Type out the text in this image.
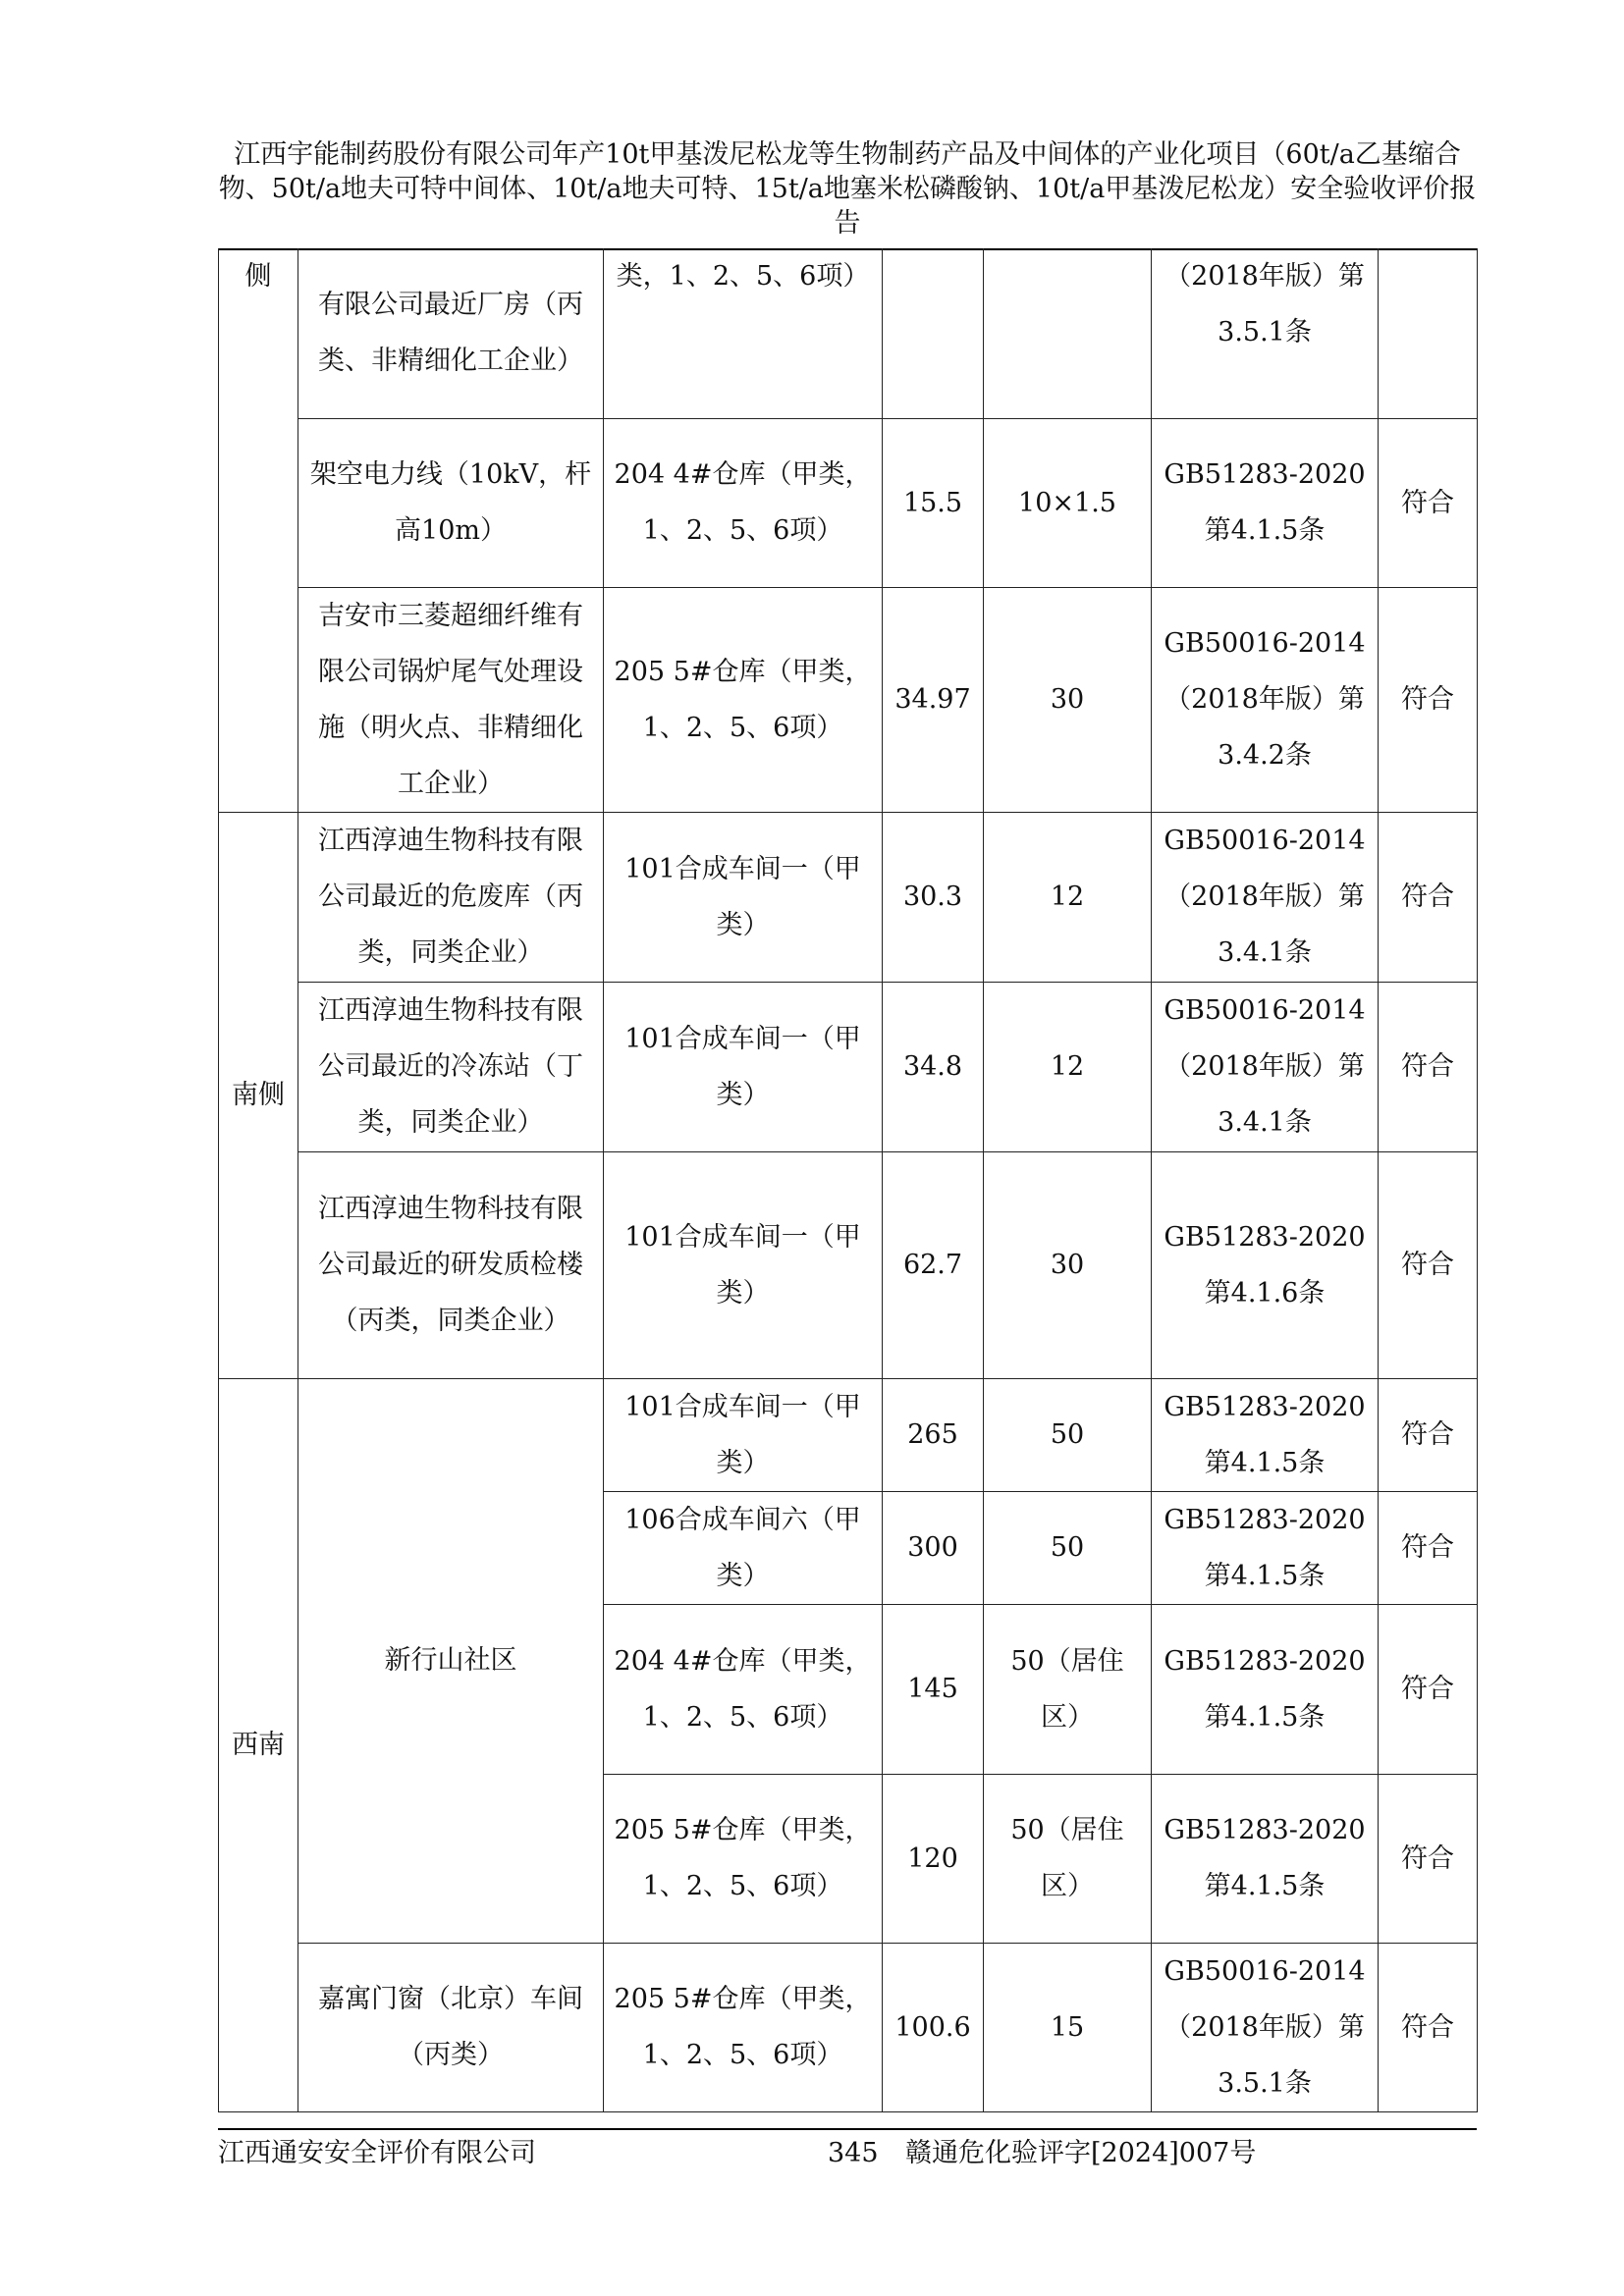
江西宇能制药股份有限公司年产10t甲基泼尼松龙等生物制药产品及中间体的产业化项目（60t/a乙基缩合物、50t/a地夫可特中间体、10t/a地夫可特、15t/a地塞米松磷酸钠、10t/a甲基泼尼松龙）安全验收评价报告
侧	有限公司最近厂房（丙类、非精细化工企业）	类，1、2、5、6项）			（2018年版）第3.5.1条	
	架空电力线（10kV，杆高10m）	204 4#仓库（甲类，1、2、5、6项）	15.5	10×1.5	GB51283-2020第4.1.5条	符合
	吉安市三菱超细纤维有限公司锅炉尾气处理设施（明火点、非精细化工企业）	205 5#仓库（甲类，1、2、5、6项）	34.97	30	GB50016-2014（2018年版）第3.4.2条	符合
南侧	江西淳迪生物科技有限公司最近的危废库（丙类，同类企业）	101合成车间一（甲类）	30.3	12	GB50016-2014（2018年版）第3.4.1条	符合
	江西淳迪生物科技有限公司最近的冷冻站（丁类，同类企业）	101合成车间一（甲类）	34.8	12	GB50016-2014（2018年版）第3.4.1条	符合
	江西淳迪生物科技有限公司最近的研发质检楼（丙类，同类企业）	101合成车间一（甲类）	62.7	30	GB51283-2020第4.1.6条	符合
西南	新行山社区	101合成车间一（甲类）	265	50	GB51283-2020第4.1.5条	符合
		106合成车间六（甲类）	300	50	GB51283-2020第4.1.5条	符合
		204 4#仓库（甲类，1、2、5、6项）	145	50（居住区）	GB51283-2020第4.1.5条	符合
		205 5#仓库（甲类，1、2、5、6项）	120	50（居住区）	GB51283-2020第4.1.5条	符合
	嘉寓门窗（北京）车间（丙类）	205 5#仓库（甲类，1、2、5、6项）	100.6	15	GB50016-2014（2018年版）第3.5.1条	符合
江西通安安全评价有限公司	345 赣通危化验评字[2024]007号
